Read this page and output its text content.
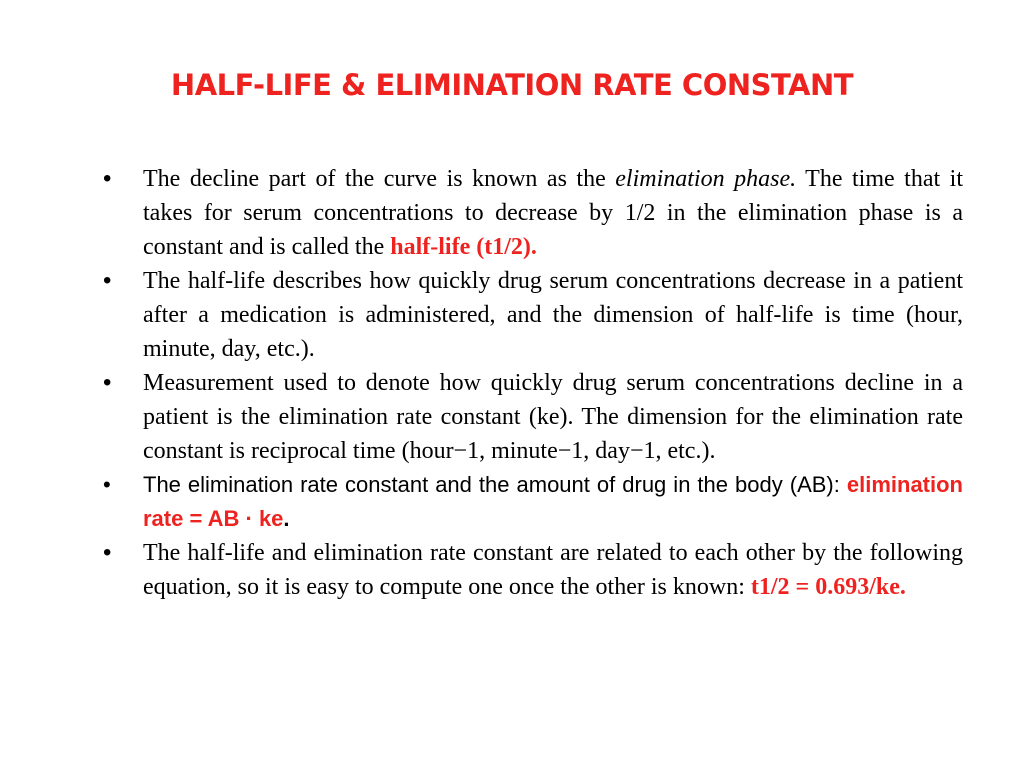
HALF-LIFE & ELIMINATION RATE CONSTANT
•	The decline part of the curve is known as the elimination phase. The time that it takes for serum concentrations to decrease by 1/2 in the elimination phase is a constant and is called the half-life (t1/2).
•	The half-life describes how quickly drug serum concentrations decrease in a patient after a medication is administered, and the dimension of half-life is time (hour, minute, day, etc.).
•	Measurement used to denote how quickly drug serum concentrations decline in a patient is the elimination rate constant (ke). The dimension for the elimination rate constant is reciprocal time (hour−1, minute−1, day−1, etc.).
•	The elimination rate constant and the amount of drug in the body (AB): elimination rate = AB · ke.
•	The half-life and elimination rate constant are related to each other by the following equation, so it is easy to compute one once the other is known: t1/2 = 0.693/ke.
